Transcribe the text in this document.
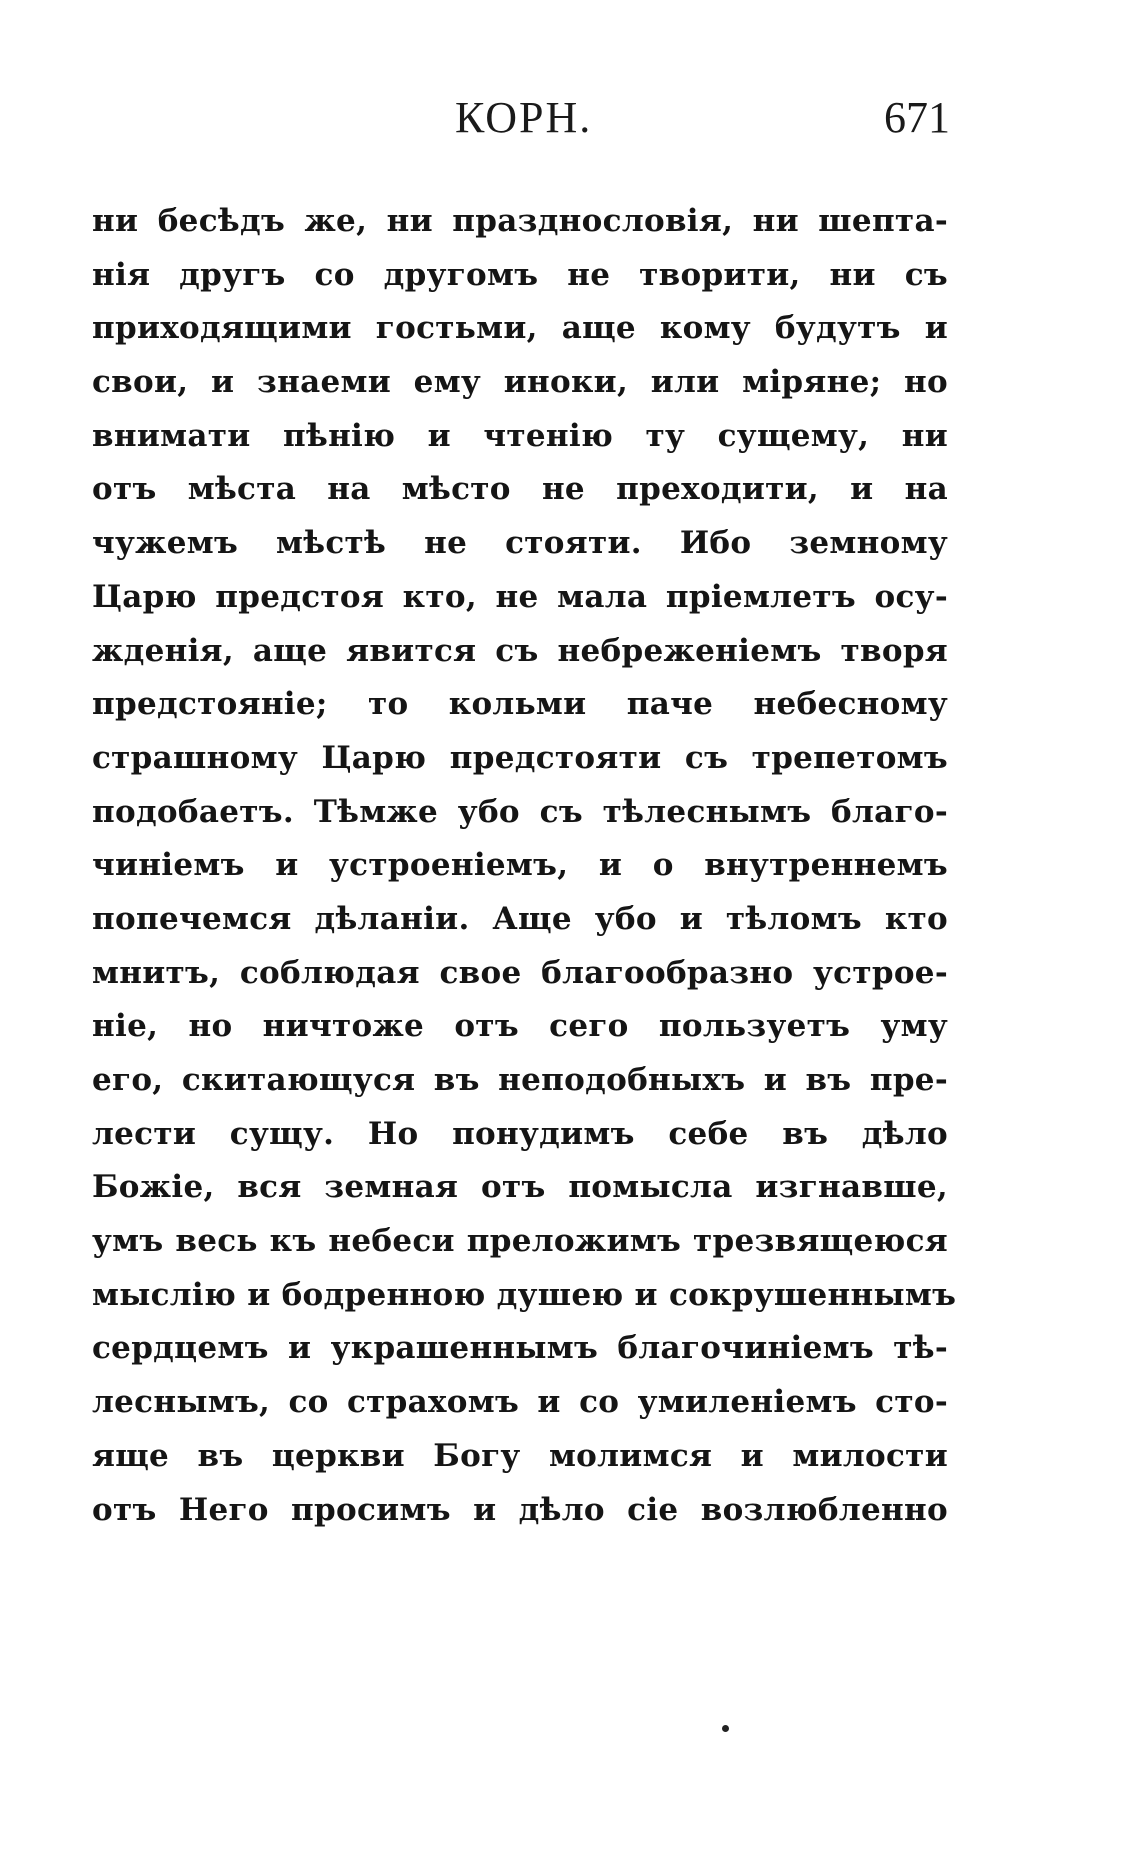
КОРН.	671
ни бесѣдъ же, ни празднословія, ни шепта-
нія другъ со другомъ не творити, ни съ
приходящими гостьми, аще кому будутъ и
свои, и знаеми ему иноки, или міряне; но
внимати пѣнію и чтенію ту сущему, ни
отъ мѣста на мѣсто не преходити, и на
чужемъ мѣстѣ не стояти. Ибо земному
Царю предстоя кто, не мала пріемлетъ осу-
жденія, аще явится съ небреженіемъ творя
предстояніе; то кольми паче небесному
страшному Царю предстояти съ трепетомъ
подобаетъ. Тѣмже убо съ тѣлеснымъ благо-
чиніемъ и устроеніемъ, и о внутреннемъ
попечемся дѣланіи. Аще убо и тѣломъ кто
мнитъ, соблюдая свое благообразно устрое-
ніе, но ничтоже отъ сего пользуетъ уму
его, скитающуся въ неподобныхъ и въ пре-
лести сущу. Но понудимъ себе въ дѣло
Божіе, вся земная отъ помысла изгнавше,
умъ весь къ небеси преложимъ трезвящеюся
мыслію и бодренною душею и сокрушеннымъ
сердцемъ и украшеннымъ благочиніемъ тѣ-
леснымъ, со страхомъ и со умиленіемъ сто-
яще въ церкви Богу молимся и милости
отъ Него просимъ и дѣло сіе возлюбленно
